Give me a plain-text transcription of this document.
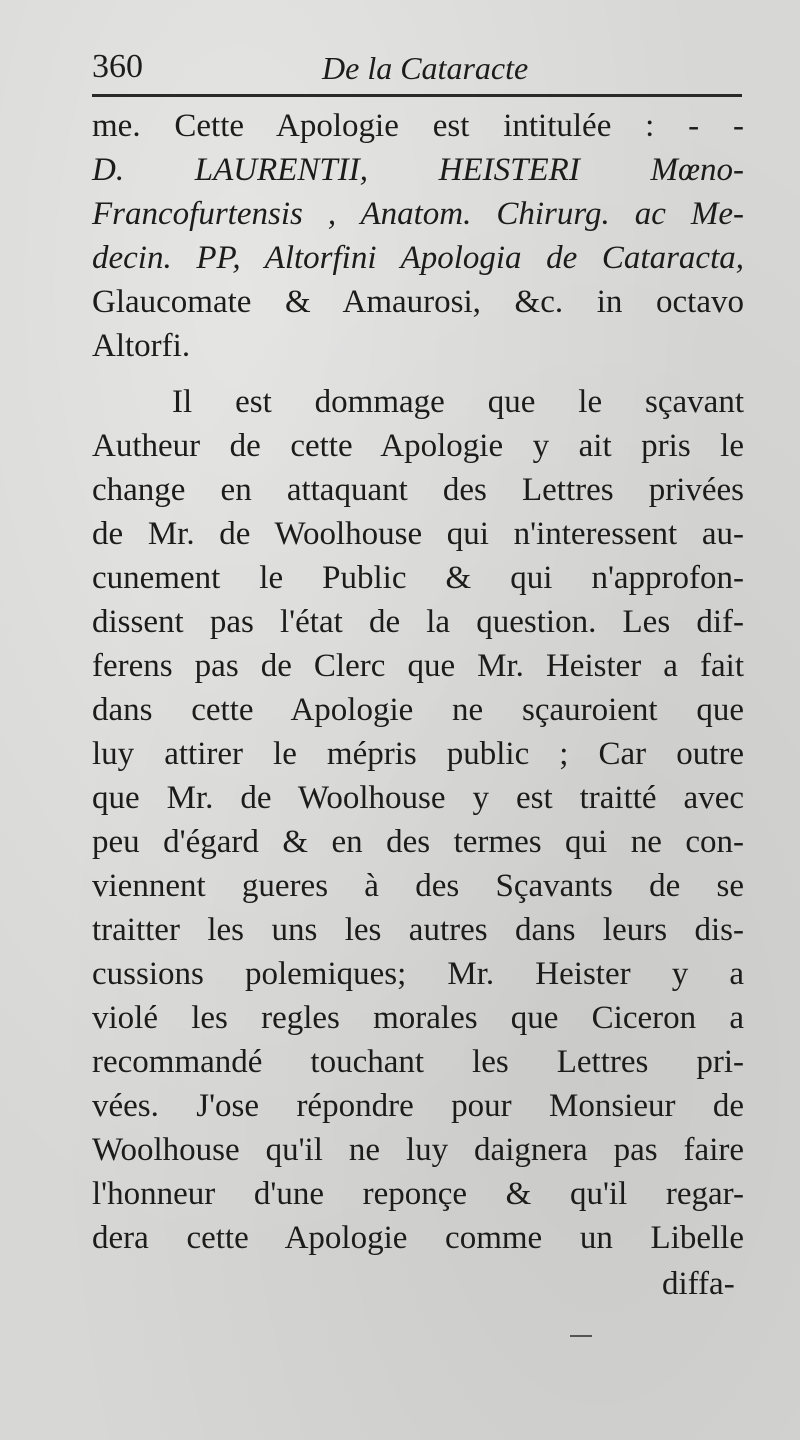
360	De la Cataracte
me. Cette Apologie est intitulée : - -
D. LAURENTII, HEISTERI Mœno-
Francofurtensis , Anatom. Chirurg. ac Me-
decin. PP, Altorfini Apologia de Cataracta,
Glaucomate & Amaurosi, &c. in octavo
Altorfi.
Il est dommage que le sçavant
Autheur de cette Apologie y ait pris le
change en attaquant des Lettres privées
de Mr. de Woolhouse qui n'interessent au-
cunement le Public & qui n'approfon-
dissent pas l'état de la question. Les dif-
ferens pas de Clerc que Mr. Heister a fait
dans cette Apologie ne sçauroient que
luy attirer le mépris public ; Car outre
que Mr. de Woolhouse y est traitté avec
peu d'égard & en des termes qui ne con-
viennent gueres à des Sçavants de se
traitter les uns les autres dans leurs dis-
cussions polemiques; Mr. Heister y a
violé les regles morales que Ciceron a
recommandé touchant les Lettres pri-
vées. J'ose répondre pour Monsieur de
Woolhouse qu'il ne luy daignera pas faire
l'honneur d'une reponçe & qu'il regar-
dera cette Apologie comme un Libelle
diffa-
